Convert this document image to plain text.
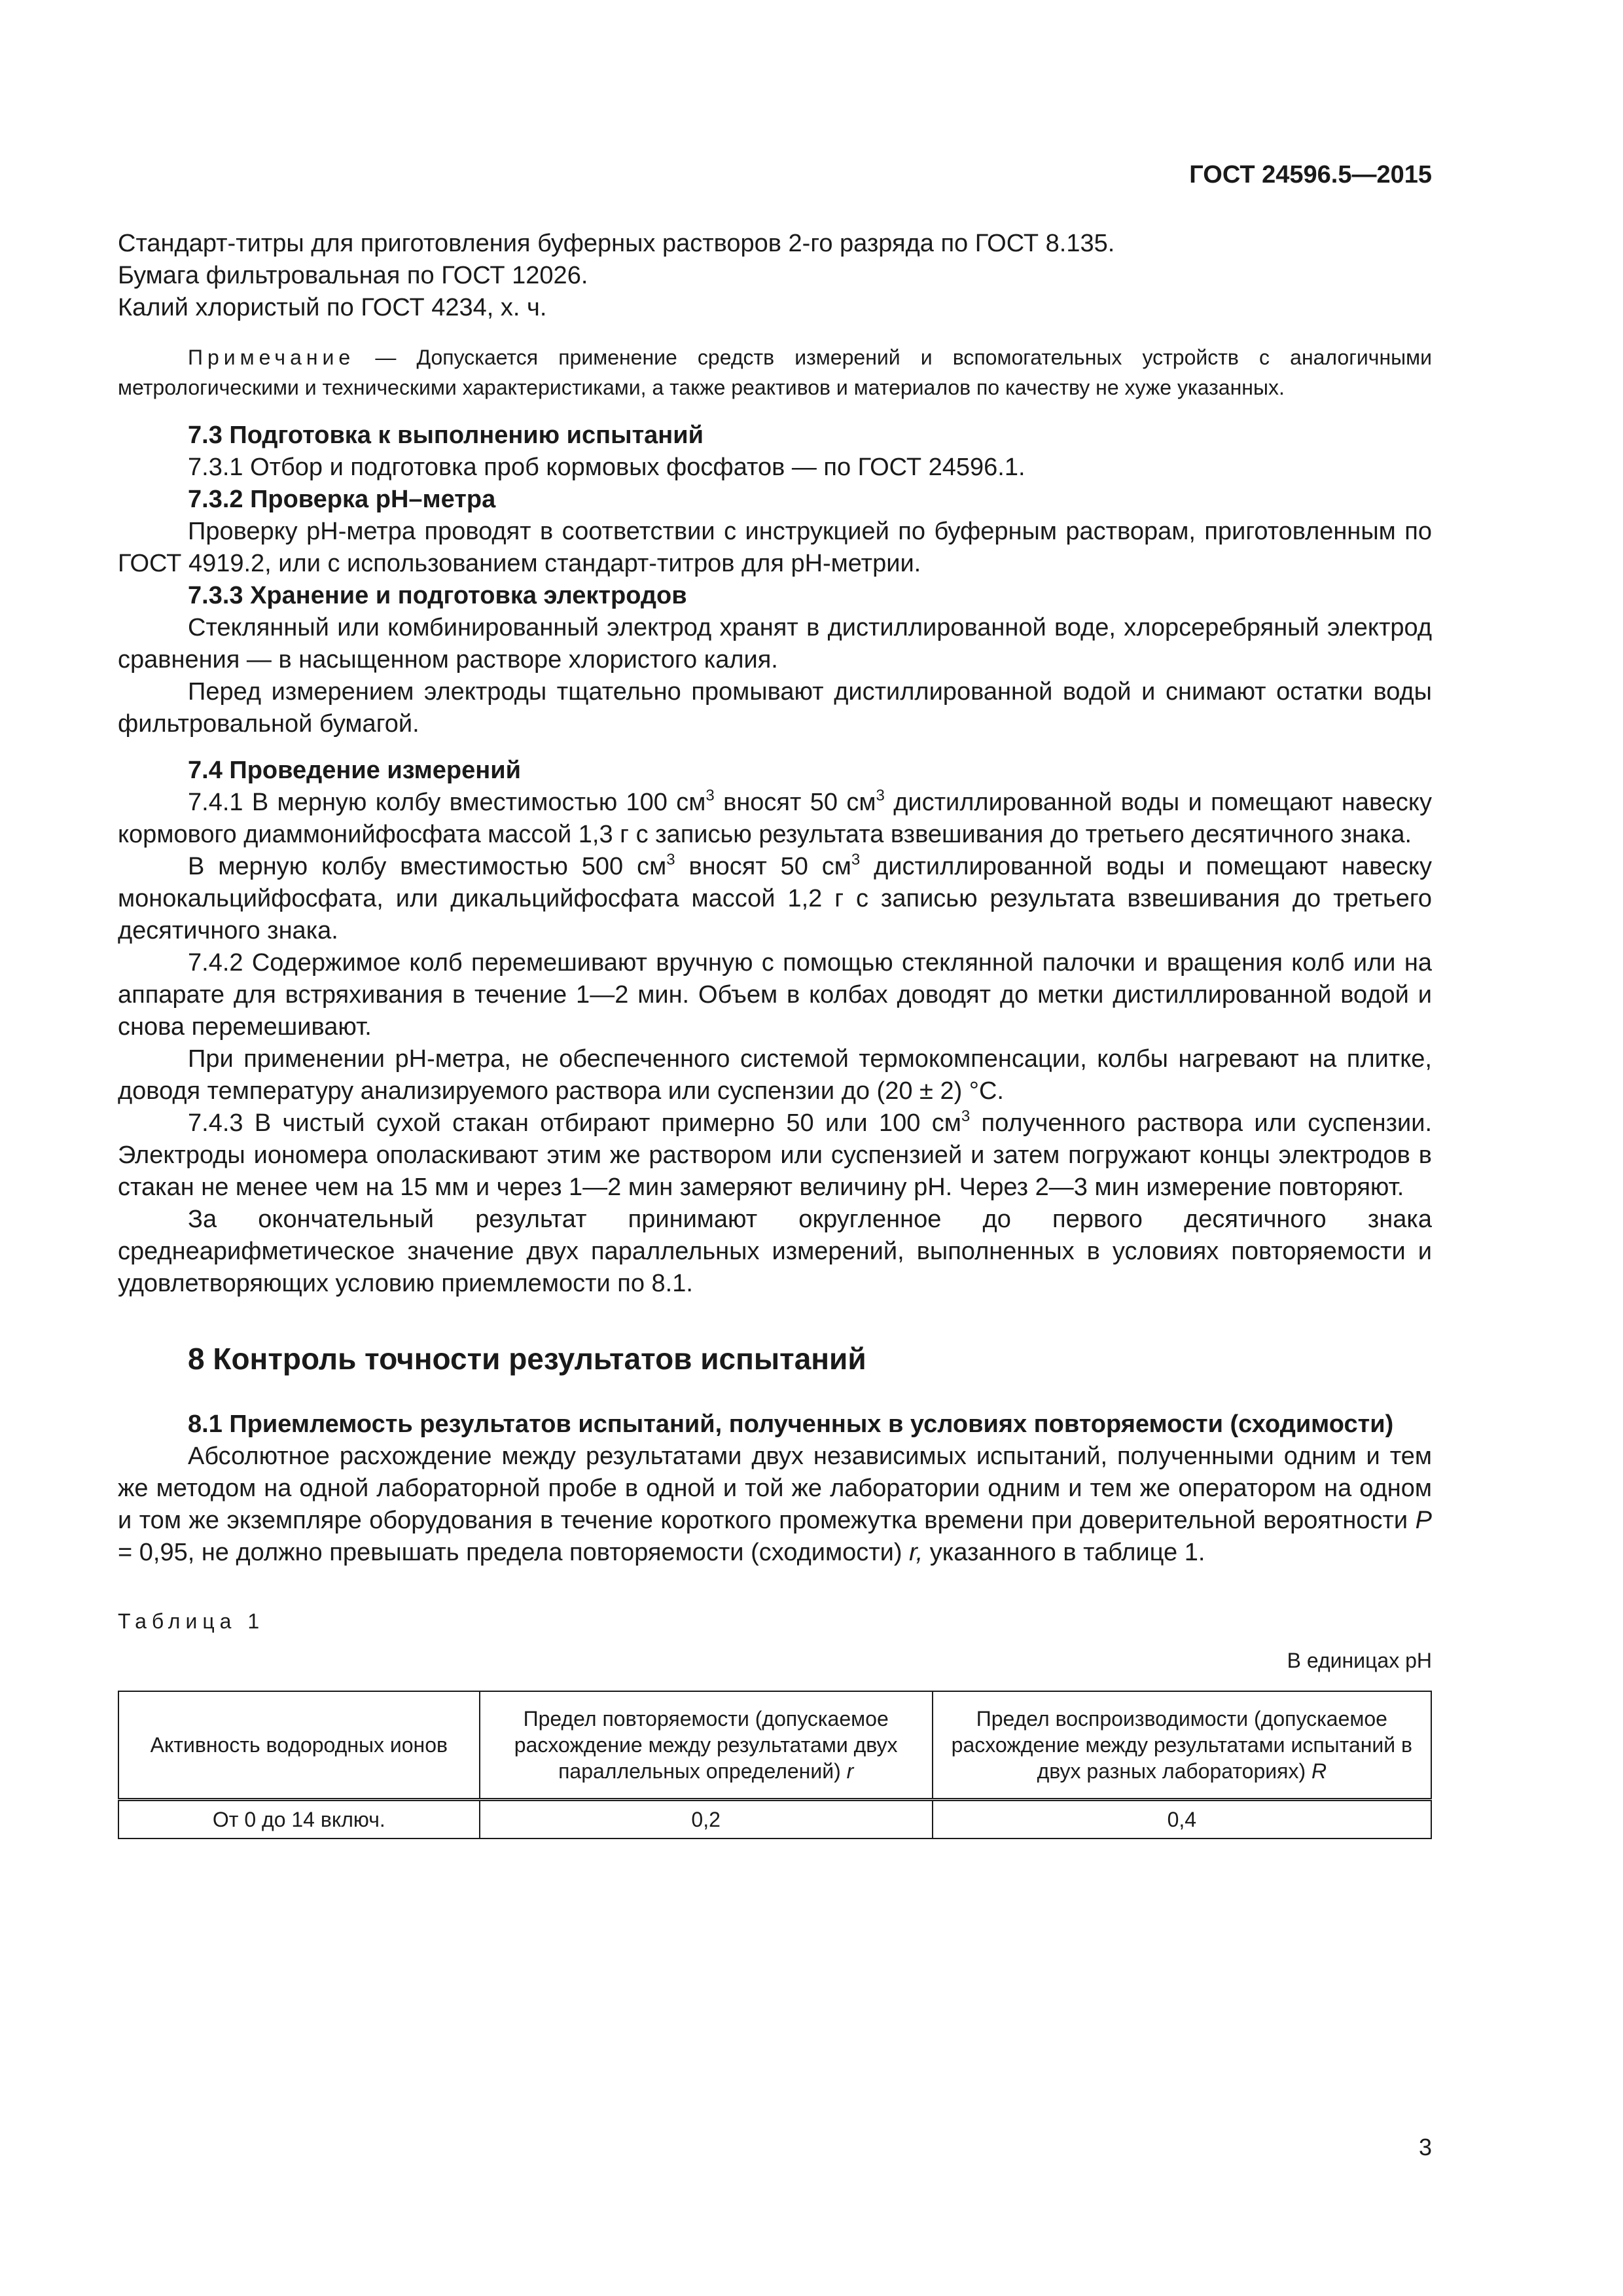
ГОСТ 24596.5—2015

Стандарт-титры для приготовления буферных растворов 2-го разряда по ГОСТ 8.135.

Бумага фильтровальная по ГОСТ 12026.

Калий хлористый по ГОСТ 4234, х. ч.

Примечание — Допускается применение средств измерений и вспомогательных устройств с аналогичными метрологическими и техническими характеристиками, а также реактивов и материалов по качеству не хуже указанных.

7.3 Подготовка к выполнению испытаний

7.3.1 Отбор и подготовка проб кормовых фосфатов — по ГОСТ 24596.1.

7.3.2 Проверка рН–метра

Проверку рН-метра проводят в соответствии с инструкцией по буферным растворам, приготовленным по ГОСТ 4919.2, или с использованием стандарт-титров для рН-метрии.

7.3.3 Хранение и подготовка электродов

Стеклянный или комбинированный электрод хранят в дистиллированной воде, хлорсеребряный электрод сравнения — в насыщенном растворе хлористого калия.

Перед измерением электроды тщательно промывают дистиллированной водой и снимают остатки воды фильтровальной бумагой.

7.4 Проведение измерений

7.4.1 В мерную колбу вместимостью 100 $см^3$ вносят 50 $см^3$ дистиллированной воды и помещают навеску кормового диаммонийфосфата массой 1,3 г с записью результата взвешивания до третьего десятичного знака.

В мерную колбу вместимостью 500 $см^3$ вносят 50 $см^3$ дистиллированной воды и помещают навеску монокальцийфосфата, или дикальцийфосфата массой 1,2 г с записью результата взвешивания до третьего десятичного знака.

7.4.2 Содержимое колб перемешивают вручную с помощью стеклянной палочки и вращения колб или на аппарате для встряхивания в течение 1—2 мин. Объем в колбах доводят до метки дистиллированной водой и снова перемешивают.

При применении рН-метра, не обеспеченного системой термокомпенсации, колбы нагревают на плитке, доводя температуру анализируемого раствора или суспензии до (20 ± 2) °С.

7.4.3 В чистый сухой стакан отбирают примерно 50 или 100 $см^3$ полученного раствора или суспензии. Электроды иономера ополаскивают этим же раствором или суспензией и затем погружают концы электродов в стакан не менее чем на 15 мм и через 1—2 мин замеряют величину рН. Через 2—3 мин измерение повторяют.

За окончательный результат принимают округленное до первого десятичного знака среднеарифметическое значение двух параллельных измерений, выполненных в условиях повторяемости и удовлетворяющих условию приемлемости по 8.1.

8 Контроль точности результатов испытаний
8.1 Приемлемость результатов испытаний, полученных в условиях повторяемости (сходимости)

Абсолютное расхождение между результатами двух независимых испытаний, полученными одним и тем же методом на одной лабораторной пробе в одной и той же лаборатории одним и тем же оператором на одном и том же экземпляре оборудования в течение короткого промежутка времени при доверительной вероятности Р = 0,95, не должно превышать предела повторяемости (сходимости) r, указанного в таблице 1.

Таблица 1

В единицах рН

Активность водородных ионов	Предел повторяемости (допускаемое расхождение между результатами двух параллельных определений) r	Предел воспроизводимости (допускаемое расхождение между результатами испытаний в двух разных лабораториях) R
От 0 до 14 включ.	0,2	0,4
3
